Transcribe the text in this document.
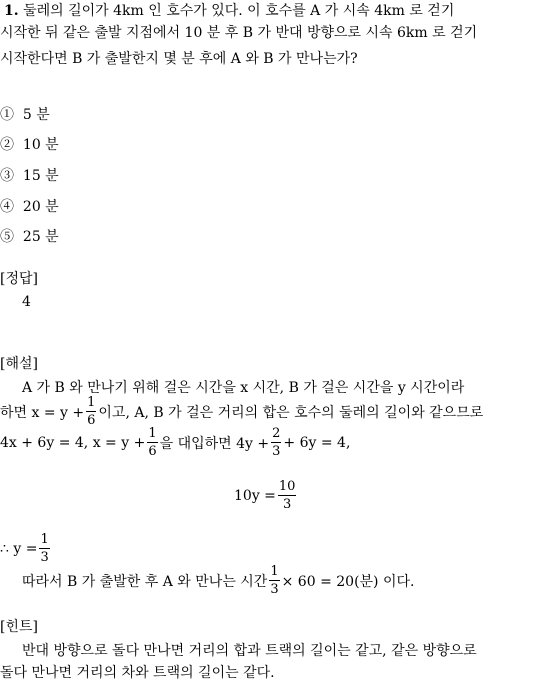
1. 둘레의 길이가 4km 인 호수가 있다. 이 호수를 A 가 시속 4km 로 걷기
시작한 뒤 같은 출발 지점에서 10 분 후 B 가 반대 방향으로 시속 6km 로 걷기
시작한다면 B 가 출발한지 몇 분 후에 A 와 B 가 만나는가?
① 5 분
② 10 분
③ 15 분
④ 20 분
⑤ 25 분
[정답]
4
[해설]
A 가 B 와 만나기 위해 걸은 시간을 x 시간, B 가 걸은 시간을 y 시간이라
하면 $x = y + \frac{1}{6}$ 이고, A, B 가 걸은 거리의 합은 호수의 둘레의 길이와 같으므로
4x + 6y = 4, $x = y + \frac{1}{6}$ 을 대입하면 $4y + \frac{2}{3} + 6y = 4$,
$10y = \frac{10}{3}$
∴ $y = \frac{1}{3}$
따라서 B 가 출발한 후 A 와 만나는 시간 $\frac{1}{3} \times 60 = 20$(분) 이다.
[힌트]
반대 방향으로 돌다 만나면 거리의 합과 트랙의 길이는 같고, 같은 방향으로
돌다 만나면 거리의 차와 트랙의 길이는 같다.
